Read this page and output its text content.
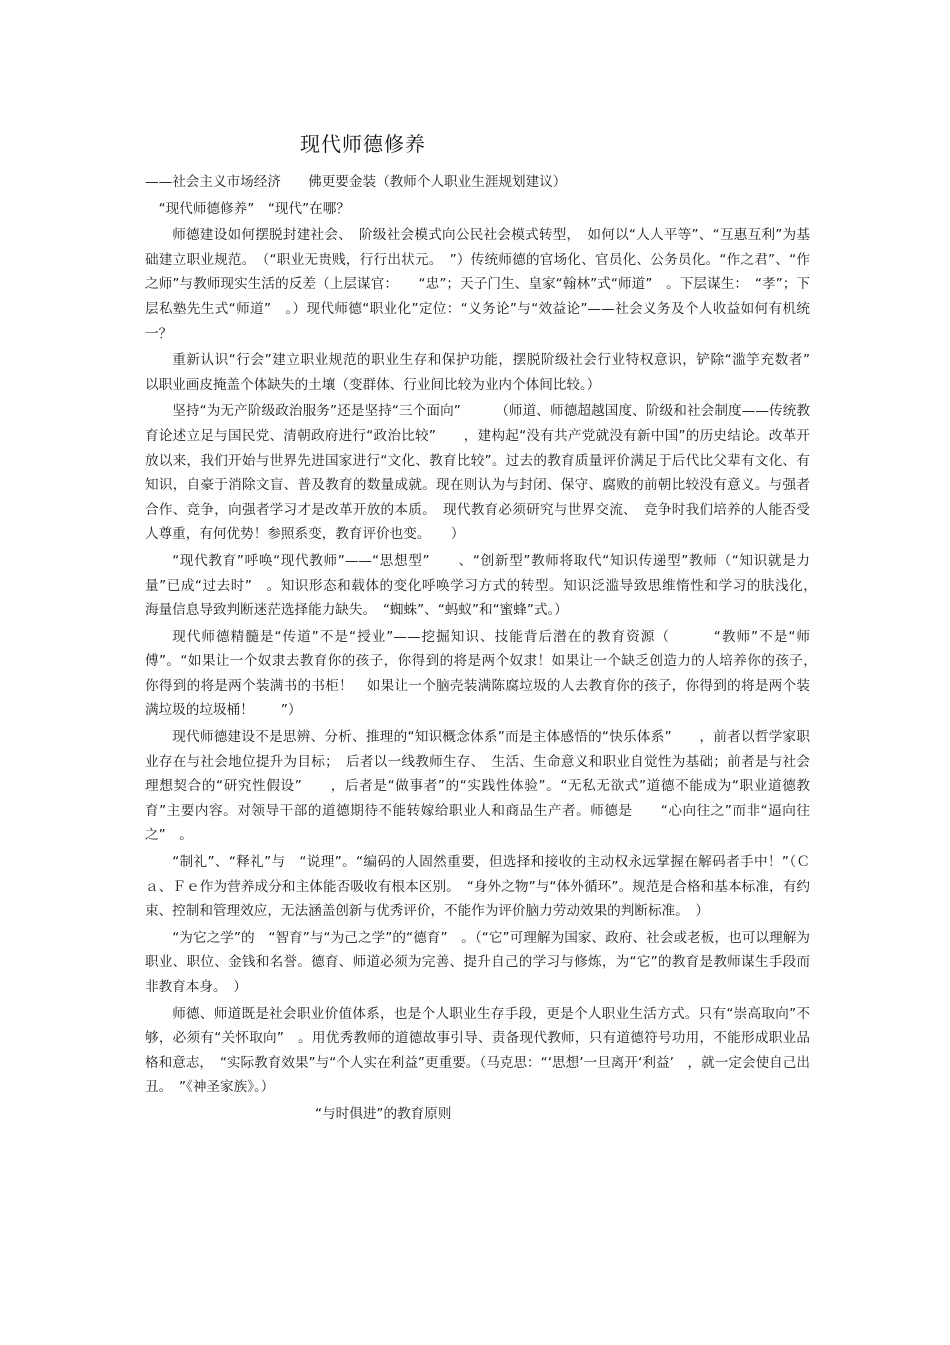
现代师德修养

——社会主义市场经济　　佛更要金装（教师个人职业生涯规划建议）

“现代师德修养”　“现代”在哪？

师德建设如何摆脱封建社会、　阶级社会模式向公民社会模式转型，　如何以“人人平等”、“互惠互利”为基础建立职业规范。　（“职业无贵贱，行行出状元。　”）传统师德的官场化、官员化、公务员化。“作之君”、“作之师”与教师现实生活的反差（上层谋官：　　“忠”；天子门生、皇家“翰林”式“师道”　。下层谋生：　“孝”；下层私塾先生式“师道”　。）现代师德“职业化”定位：“义务论”与“效益论”——社会义务及个人收益如何有机统一？

重新认识“行会”建立职业规范的职业生存和保护功能，摆脱阶级社会行业特权意识，铲除“滥竽充数者”　以职业画皮掩盖个体缺失的土壤（变群体、行业间比较为业内个体间比较。）

坚持“为无产阶级政治服务”还是坚持“三个面向”　　　（师道、师德超越国度、阶级和社会制度——传统教育论述立足与国民党、清朝政府进行“政治比较”　　，建构起“没有共产党就没有新中国”的历史结论。改革开放以来，我们开始与世界先进国家进行“文化、教育比较”。过去的教育质量评价满足于后代比父辈有文化、有知识，自豪于消除文盲、普及教育的数量成就。现在则认为与封闭、保守、腐败的前朝比较没有意义。与强者合作、竞争，向强者学习才是改革开放的本质。　现代教育必须研究与世界交流、　竞争时我们培养的人能否受人尊重，有何优势！参照系变，教育评价也变。　　）

“现代教育”呼唤“现代教师”——“思想型”　　、“创新型”教师将取代“知识传递型”教师（“知识就是力量”已成“过去时”　。知识形态和载体的变化呼唤学习方式的转型。知识泛滥导致思维惰性和学习的肤浅化，　海量信息导致判断迷茫选择能力缺失。　“蜘蛛”、“蚂蚁”和“蜜蜂”式。）

现代师德精髓是“传道”不是“授业”——挖掘知识、技能背后潜在的教育资源（　　　“教师”不是“师傅”。“如果让一个奴隶去教育你的孩子，你得到的将是两个奴隶！如果让一个缺乏创造力的人培养你的孩子，　你得到的将是两个装满书的书柜！　如果让一个脑壳装满陈腐垃圾的人去教育你的孩子，你得到的将是两个装满垃圾的垃圾桶！　　”）

现代师德建设不是思辨、分析、推理的“知识概念体系”而是主体感悟的“快乐体系”　　，前者以哲学家职业存在与社会地位提升为目标；　后者以一线教师生存、　生活、生命意义和职业自觉性为基础；前者是与社会理想契合的“研究性假设”　　，后者是“做事者”的“实践性体验”。“无私无欲式”道德不能成为“职业道德教育”主要内容。对领导干部的道德期待不能转嫁给职业人和商品生产者。师德是　　“心向往之”而非“逼向往之”　。

“制礼”、“释礼”与　“说理”。“编码的人固然重要，但选择和接收的主动权永远掌握在解码者手中！”（Ｃａ、Ｆｅ作为营养成分和主体能否吸收有根本区别。　“身外之物”与“体外循环”。规范是合格和基本标准，有约束、控制和管理效应，无法涵盖创新与优秀评价，不能作为评价脑力劳动效果的判断标准。　）

“为它之学”的　“智育”与“为己之学”的“德育”　。（“它”可理解为国家、政府、社会或老板，也可以理解为职业、职位、金钱和名誉。德育、师道必须为完善、提升自己的学习与修炼，为“它”的教育是教师谋生手段而非教育本身。　）

师德、师道既是社会职业价值体系，也是个人职业生存手段，更是个人职业生活方式。只有“崇高取向”不够，必须有“关怀取向”　。用优秀教师的道德故事引导、责备现代教师，只有道德符号功用，不能形成职业品格和意志，　“实际教育效果”与“个人实在利益”更重要。（马克思：“‘思想’一旦离开‘利益’　，就一定会使自己出丑。　”《神圣家族》。）

“与时俱进”的教育原则
